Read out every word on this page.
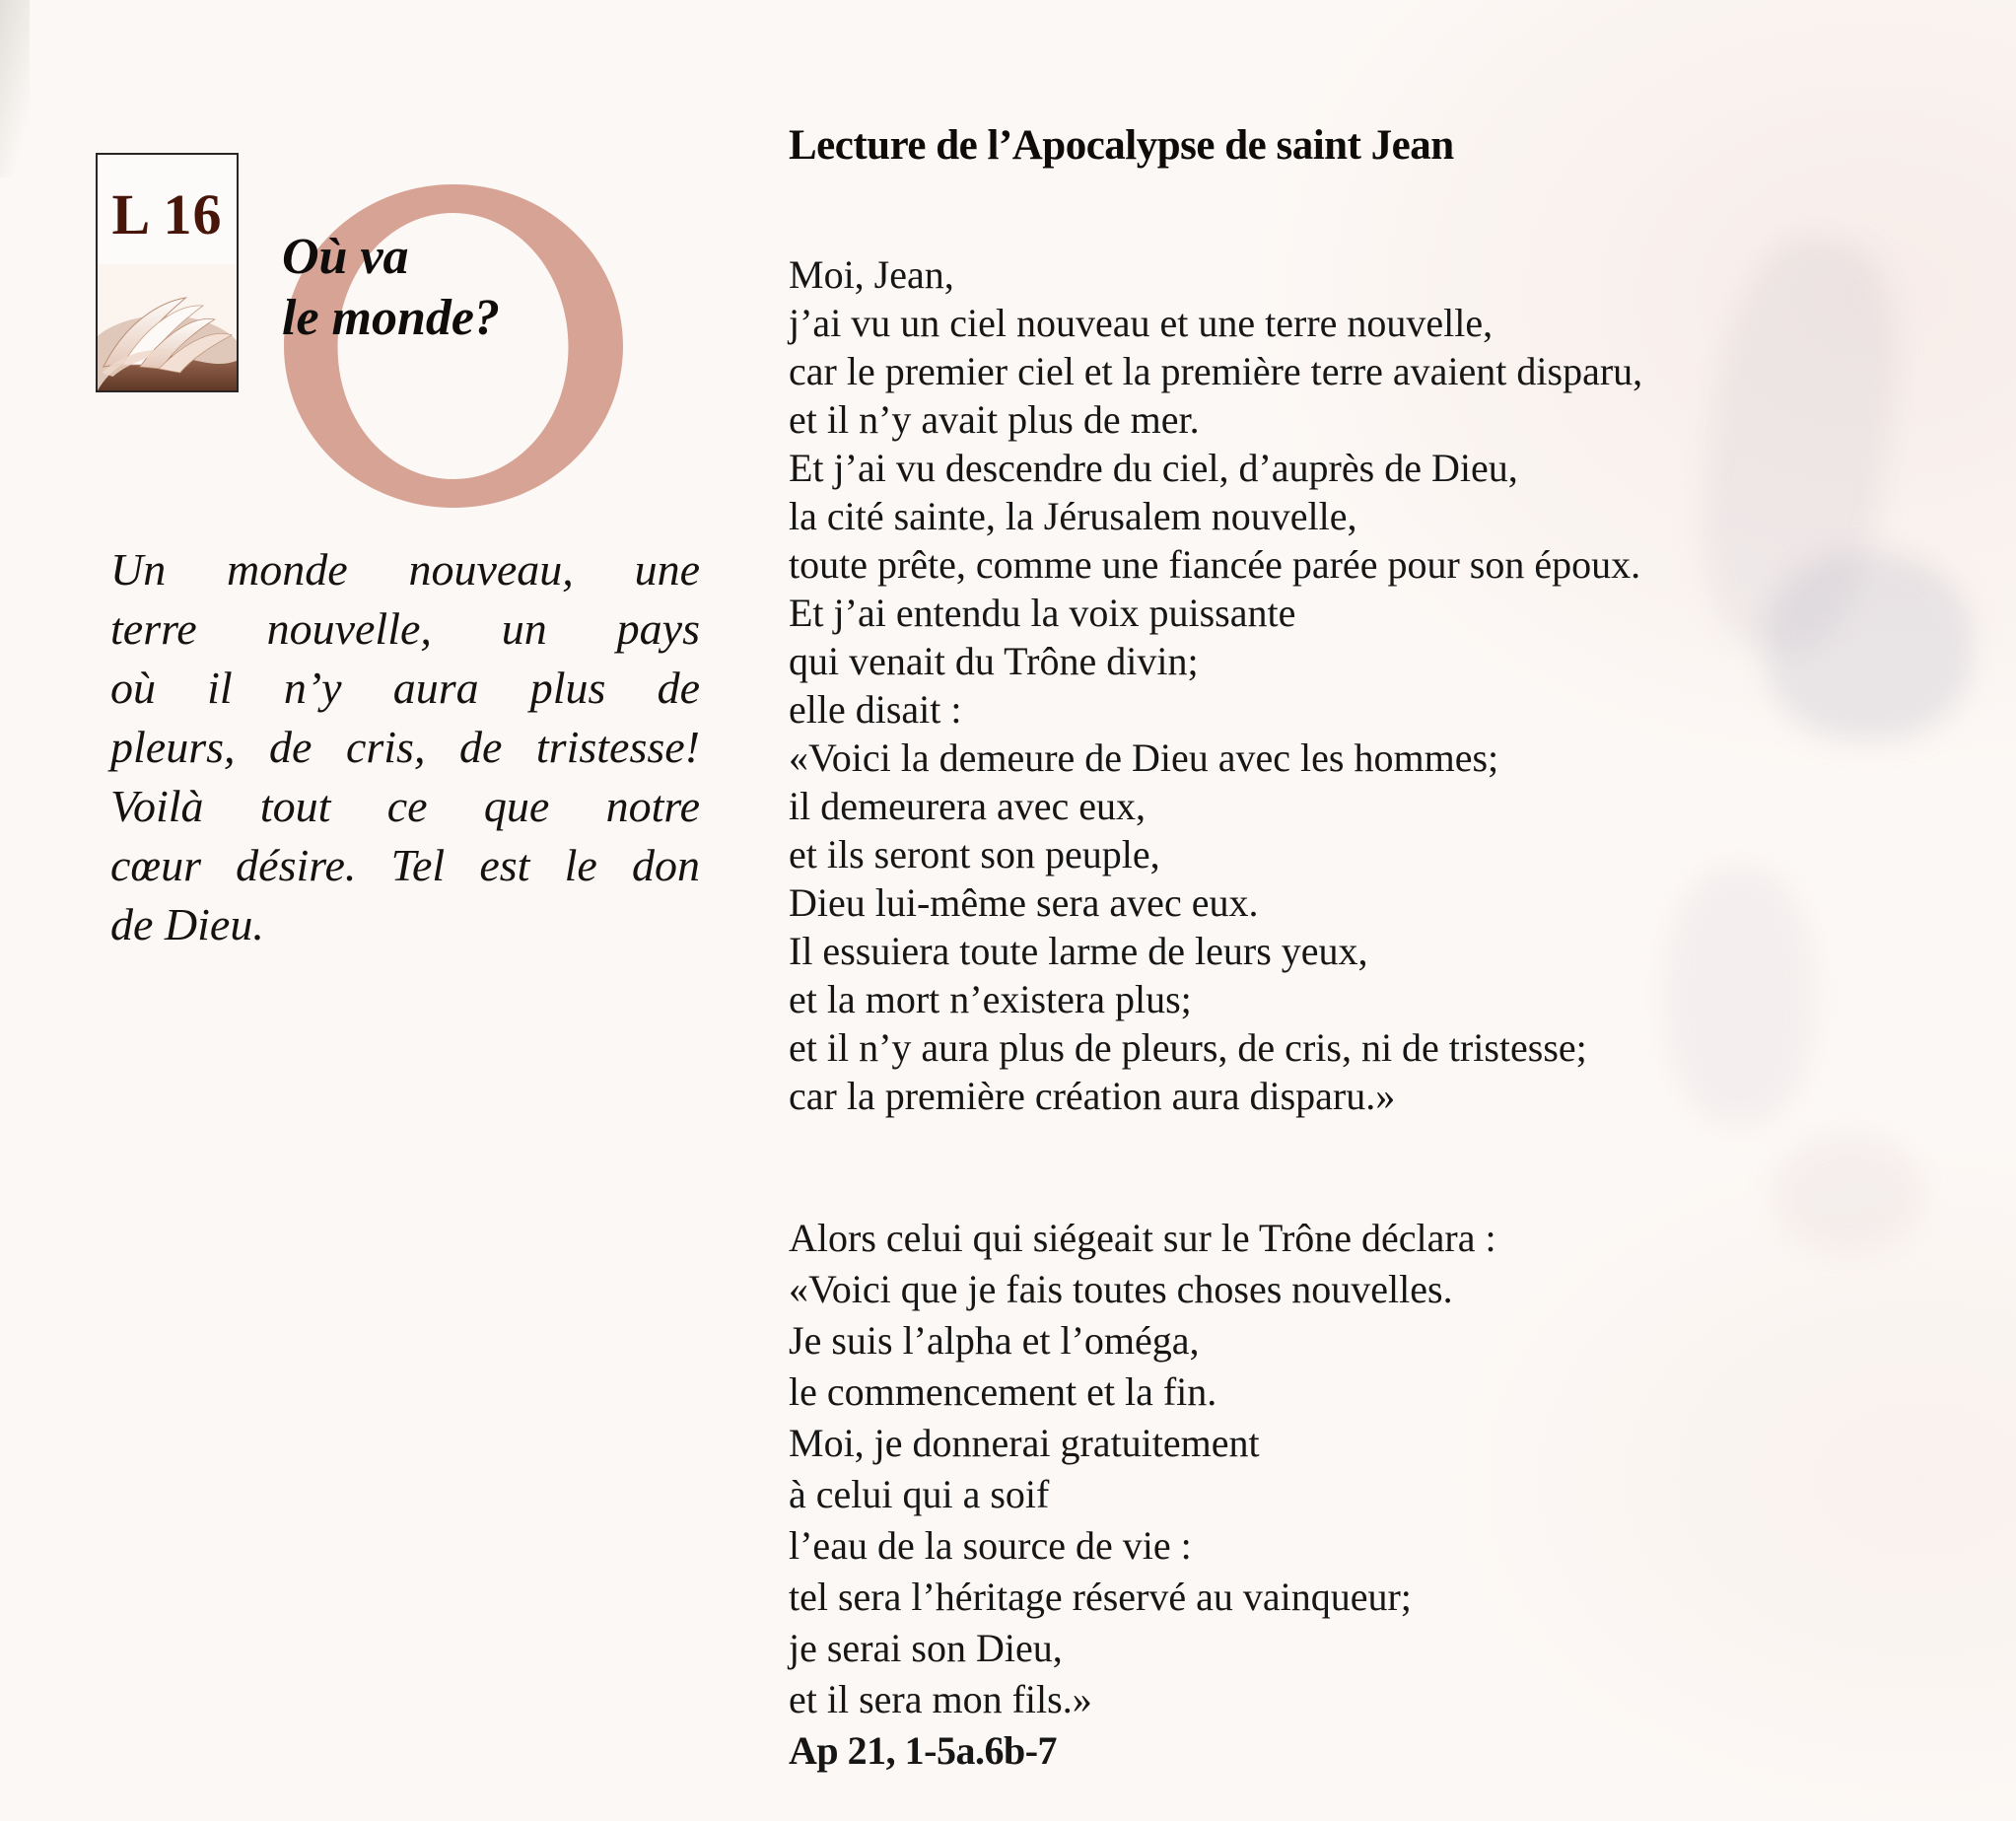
L 16
Où va
le monde?
Un monde nouveau, une
terre nouvelle, un pays
où il n’y aura plus de
pleurs, de cris, de tristesse!
Voilà tout ce que notre
cœur désire. Tel est le don
de Dieu.
Lecture de l’Apocalypse de saint Jean
Moi, Jean,
j’ai vu un ciel nouveau et une terre nouvelle,
car le premier ciel et la première terre avaient disparu,
et il n’y avait plus de mer.
Et j’ai vu descendre du ciel, d’auprès de Dieu,
la cité sainte, la Jérusalem nouvelle,
toute prête, comme une fiancée parée pour son époux.
Et j’ai entendu la voix puissante
qui venait du Trône divin;
elle disait :
«Voici la demeure de Dieu avec les hommes;
il demeurera avec eux,
et ils seront son peuple,
Dieu lui-même sera avec eux.
Il essuiera toute larme de leurs yeux,
et la mort n’existera plus;
et il n’y aura plus de pleurs, de cris, ni de tristesse;
car la première création aura disparu.»
Alors celui qui siégeait sur le Trône déclara :
«Voici que je fais toutes choses nouvelles.
Je suis l’alpha et l’oméga,
le commencement et la fin.
Moi, je donnerai gratuitement
à celui qui a soif
l’eau de la source de vie :
tel sera l’héritage réservé au vainqueur;
je serai son Dieu,
et il sera mon fils.»
Ap 21, 1-5a.6b-7
